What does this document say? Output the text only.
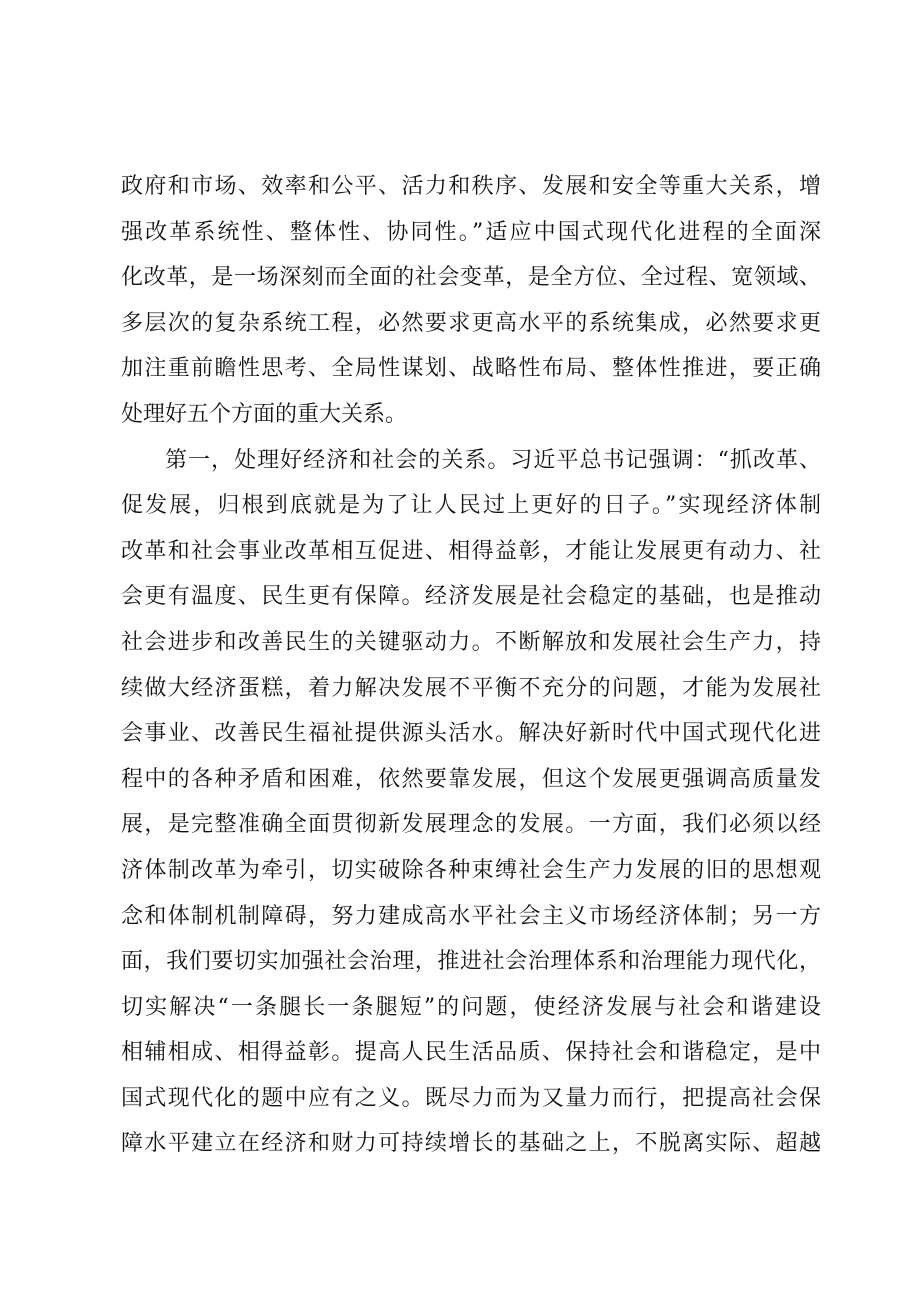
政府和市场、效率和公平、活力和秩序、发展和安全等重大关系，增
强改革系统性、整体性、协同性。”适应中国式现代化进程的全面深
化改革，是一场深刻而全面的社会变革，是全方位、全过程、宽领域、
多层次的复杂系统工程，必然要求更高水平的系统集成，必然要求更
加注重前瞻性思考、全局性谋划、战略性布局、整体性推进，要正确
处理好五个方面的重大关系。
第一，处理好经济和社会的关系。习近平总书记强调：“抓改革、
促发展，归根到底就是为了让人民过上更好的日子。”实现经济体制
改革和社会事业改革相互促进、相得益彰，才能让发展更有动力、社
会更有温度、民生更有保障。经济发展是社会稳定的基础，也是推动
社会进步和改善民生的关键驱动力。不断解放和发展社会生产力，持
续做大经济蛋糕，着力解决发展不平衡不充分的问题，才能为发展社
会事业、改善民生福祉提供源头活水。解决好新时代中国式现代化进
程中的各种矛盾和困难，依然要靠发展，但这个发展更强调高质量发
展，是完整准确全面贯彻新发展理念的发展。一方面，我们必须以经
济体制改革为牵引，切实破除各种束缚社会生产力发展的旧的思想观
念和体制机制障碍，努力建成高水平社会主义市场经济体制；另一方
面，我们要切实加强社会治理，推进社会治理体系和治理能力现代化，
切实解决“一条腿长一条腿短”的问题，使经济发展与社会和谐建设
相辅相成、相得益彰。提高人民生活品质、保持社会和谐稳定，是中
国式现代化的题中应有之义。既尽力而为又量力而行，把提高社会保
障水平建立在经济和财力可持续增长的基础之上，不脱离实际、超越
